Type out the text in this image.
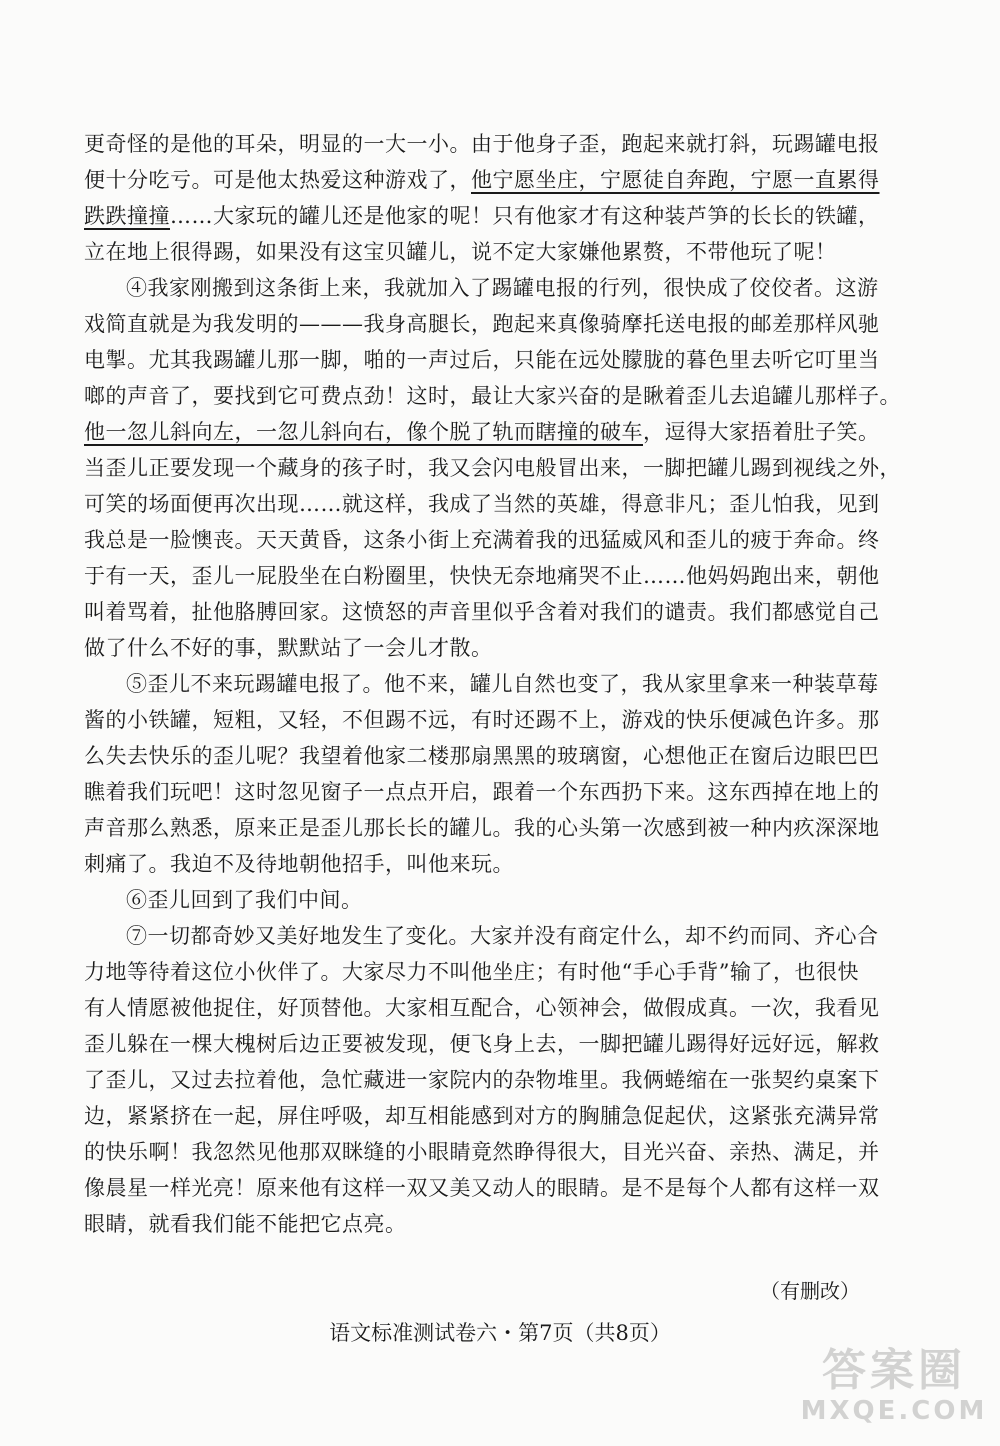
更奇怪的是他的耳朵，明显的一大一小。由于他身子歪，跑起来就打斜，玩踢罐电报
便十分吃亏。可是他太热爱这种游戏了，他宁愿坐庄，宁愿徒自奔跑，宁愿一直累得
跌跌撞撞……大家玩的罐儿还是他家的呢！只有他家才有这种装芦笋的长长的铁罐，
立在地上很得踢，如果没有这宝贝罐儿，说不定大家嫌他累赘，不带他玩了呢！
④我家刚搬到这条街上来，我就加入了踢罐电报的行列，很快成了佼佼者。这游
戏简直就是为我发明的———我身高腿长，跑起来真像骑摩托送电报的邮差那样风驰
电掣。尤其我踢罐儿那一脚，啪的一声过后，只能在远处朦胧的暮色里去听它叮里当
啷的声音了，要找到它可费点劲！这时，最让大家兴奋的是瞅着歪儿去追罐儿那样子。
他一忽儿斜向左，一忽儿斜向右，像个脱了轨而瞎撞的破车，逗得大家捂着肚子笑。
当歪儿正要发现一个藏身的孩子时，我又会闪电般冒出来，一脚把罐儿踢到视线之外，
可笑的场面便再次出现……就这样，我成了当然的英雄，得意非凡；歪儿怕我，见到
我总是一脸懊丧。天天黄昏，这条小街上充满着我的迅猛威风和歪儿的疲于奔命。终
于有一天，歪儿一屁股坐在白粉圈里，快快无奈地痛哭不止……他妈妈跑出来，朝他
叫着骂着，扯他胳膊回家。这愤怒的声音里似乎含着对我们的谴责。我们都感觉自己
做了什么不好的事，默默站了一会儿才散。
⑤歪儿不来玩踢罐电报了。他不来，罐儿自然也变了，我从家里拿来一种装草莓
酱的小铁罐，短粗，又轻，不但踢不远，有时还踢不上，游戏的快乐便减色许多。那
么失去快乐的歪儿呢？我望着他家二楼那扇黑黑的玻璃窗，心想他正在窗后边眼巴巴
瞧着我们玩吧！这时忽见窗子一点点开启，跟着一个东西扔下来。这东西掉在地上的
声音那么熟悉，原来正是歪儿那长长的罐儿。我的心头第一次感到被一种内疚深深地
刺痛了。我迫不及待地朝他招手，叫他来玩。
⑥歪儿回到了我们中间。
⑦一切都奇妙又美好地发生了变化。大家并没有商定什么，却不约而同、齐心合
力地等待着这位小伙伴了。大家尽力不叫他坐庄；有时他“手心手背”输了，也很快
有人情愿被他捉住，好顶替他。大家相互配合，心领神会，做假成真。一次，我看见
歪儿躲在一棵大槐树后边正要被发现，便飞身上去，一脚把罐儿踢得好远好远，解救
了歪儿，又过去拉着他，急忙藏进一家院内的杂物堆里。我俩蜷缩在一张契约桌案下
边，紧紧挤在一起，屏住呼吸，却互相能感到对方的胸脯急促起伏，这紧张充满异常
的快乐啊！我忽然见他那双眯缝的小眼睛竟然睁得很大，目光兴奋、亲热、满足，并
像晨星一样光亮！原来他有这样一双又美又动人的眼睛。是不是每个人都有这样一双
眼睛，就看我们能不能把它点亮。
（有删改）
语文标准测试卷六・第7页（共8页）
答案圈
MXQE.COM
